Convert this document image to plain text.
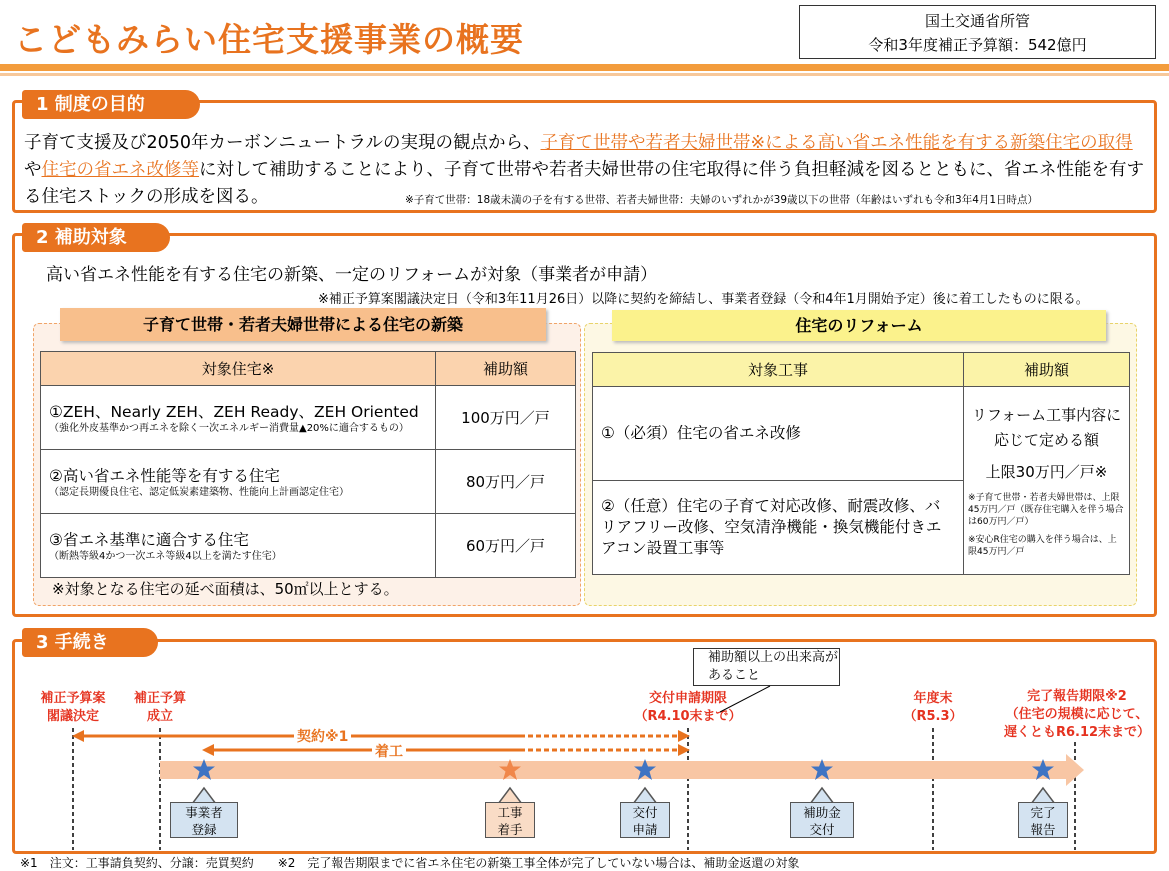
こどもみらい住宅支援事業の概要	国土交通省所管
令和3年度補正予算額：542億円
1 制度の目的
子育て支援及び2050年カーボンニュートラルの実現の観点から、子育て世帯や若者夫婦世帯※による高い省エネ性能を有する新築住宅の取得や住宅の省エネ改修等に対して補助することにより、子育て世帯や若者夫婦世帯の住宅取得に伴う負担軽減を図るとともに、省エネ性能を有する住宅ストックの形成を図る。	※子育て世帯：18歳未満の子を有する世帯、若者夫婦世帯：夫婦のいずれかが39歳以下の世帯（年齢はいずれも令和3年4月1日時点）
2 補助対象
高い省エネ性能を有する住宅の新築、一定のリフォームが対象（事業者が申請）
※補正予算案閣議決定日（令和3年11月26日）以降に契約を締結し、事業者登録（令和4年1月開始予定）後に着工したものに限る。
子育て世帯・若者夫婦世帯による住宅の新築	住宅のリフォーム
対象住宅※	補助額

①ZEH、Nearly ZEH、ZEH Ready、ZEH Oriented
（強化外皮基準かつ再エネを除く一次エネルギー消費量▲20%に適合するもの）	100万円／戸

②高い省エネ性能等を有する住宅
（認定長期優良住宅、認定低炭素建築物、性能向上計画認定住宅）	80万円／戸

③省エネ基準に適合する住宅
（断熱等級4かつ一次エネ等級4以上を満たす住宅）	60万円／戸
※対象となる住宅の延べ面積は、50㎡以上とする。
対象工事	補助額
①（必須）住宅の省エネ改修	リフォーム工事内容に応じて定める額
上限30万円／戸※
※子育て世帯・若者夫婦世帯は、上限45万円／戸（既存住宅購入を伴う場合は60万円／戸）
※安心R住宅の購入を伴う場合は、上限45万円／戸

②（任意）住宅の子育て対応改修、耐震改修、バリアフリー改修、空気清浄機能・換気機能付きエアコン設置工事等	
3 手続き
補助額以上の出来高があること
補正予算案
閣議決定
補正予算
成立
交付申請期限
（R4.10末まで）
年度末
（R5.3）
完了報告期限※2
（住宅の規模に応じて、
遅くともR6.12末まで）
契約※1
着工
事業者
登録
工事
着手
交付
申請
補助金
交付
完了
報告
※1　注文：工事請負契約、分譲：売買契約　　※2　完了報告期限までに省エネ住宅の新築工事全体が完了していない場合は、補助金返還の対象
